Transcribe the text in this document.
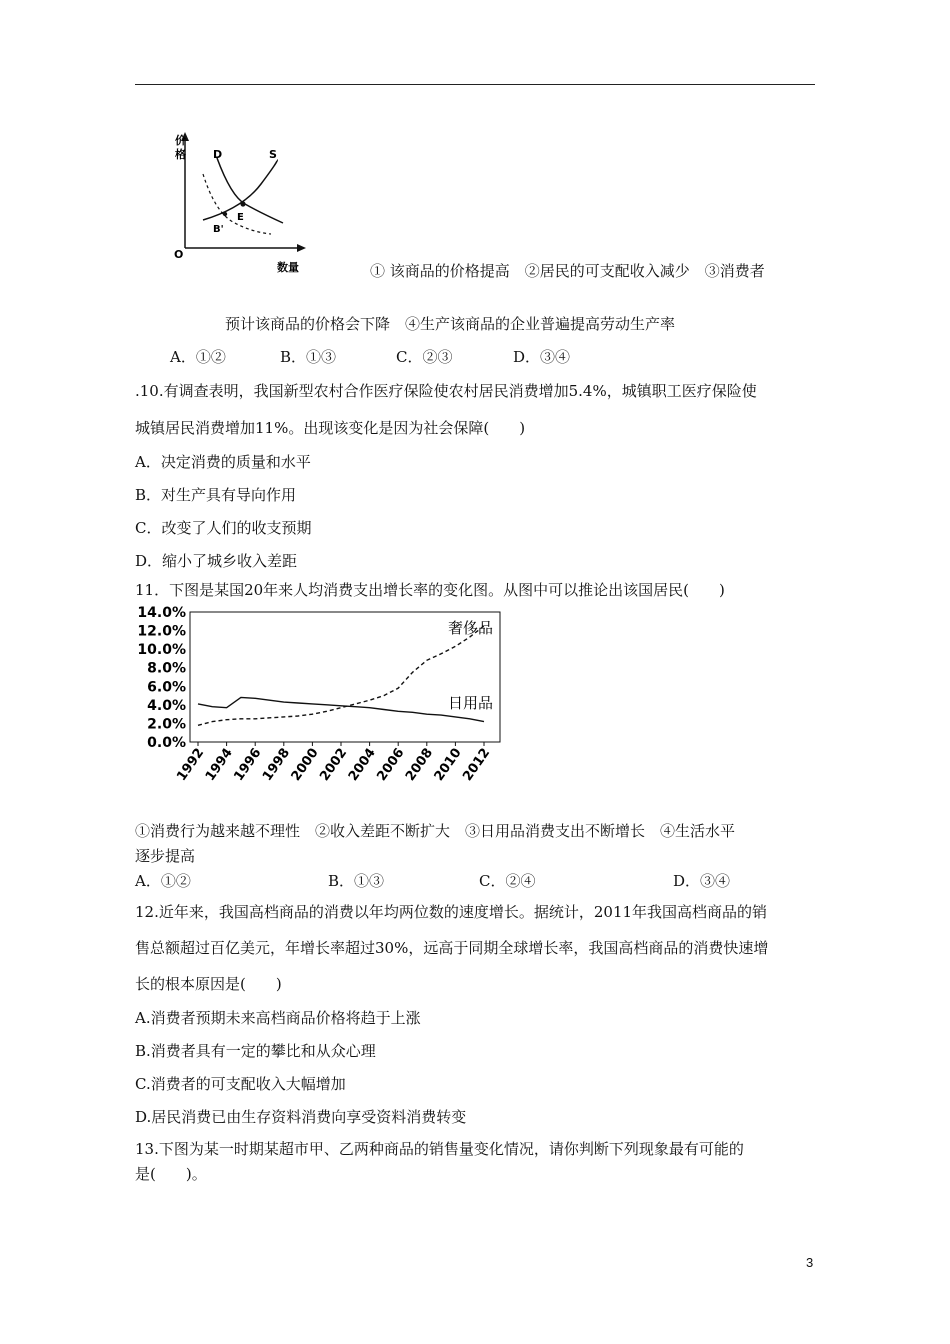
价
格
O
D	S
E
B'
数量	① 该商品的价格提高　②居民的可支配收入减少　③消费者
预计该商品的价格会下降　④生产该商品的企业普遍提高劳动生产率
A．①②	B．①③	C．②③	D．③④
.10.有调查表明，我国新型农村合作医疗保险使农村居民消费增加5.4%，城镇职工医疗保险使
城镇居民消费增加11%。出现该变化是因为社会保障(　　)
A．决定消费的质量和水平
B．对生产具有导向作用
C．改变了人们的收支预期
D．缩小了城乡收入差距
11．下图是某国20年来人均消费支出增长率的变化图。从图中可以推论出该国居民(　　)
14.0%
12.0%
10.0%
8.0%
6.0%
4.0%
2.0%
0.0%
1992
1994
1996
1998
2000
2002
2004
2006
2008
2010
2012
奢侈品
日用品
①消费行为越来越不理性　②收入差距不断扩大　③日用品消费支出不断增长　④生活水平
逐步提高
A．①②	B．①③	C．②④	D．③④
12.近年来，我国高档商品的消费以年均两位数的速度增长。据统计，2011年我国高档商品的销
售总额超过百亿美元，年增长率超过30%，远高于同期全球增长率，我国高档商品的消费快速增
长的根本原因是(　　)
A.消费者预期未来高档商品价格将趋于上涨
B.消费者具有一定的攀比和从众心理
C.消费者的可支配收入大幅增加
D.居民消费已由生存资料消费向享受资料消费转变
13.下图为某一时期某超市甲、乙两种商品的销售量变化情况，请你判断下列现象最有可能的
是(　　)。
3
